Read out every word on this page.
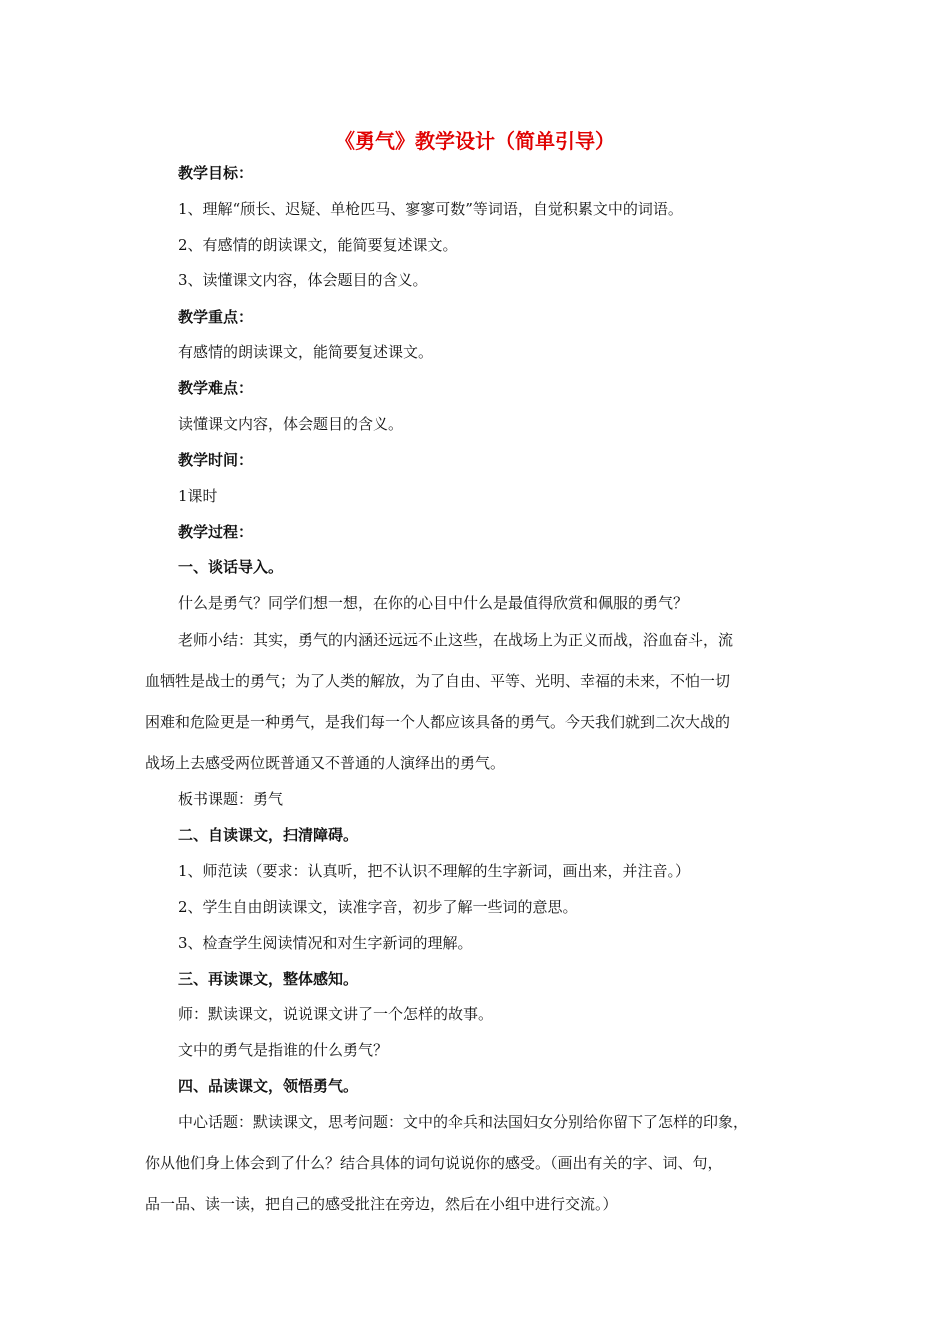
《勇气》教学设计（简单引导）
教学目标：
1、理解“颀长、迟疑、单枪匹马、寥寥可数”等词语，自觉积累文中的词语。
2、有感情的朗读课文，能简要复述课文。
3、读懂课文内容，体会题目的含义。
教学重点：
有感情的朗读课文，能简要复述课文。
教学难点：
读懂课文内容，体会题目的含义。
教学时间：
1课时
教学过程：
一、谈话导入。
什么是勇气？同学们想一想，在你的心目中什么是最值得欣赏和佩服的勇气？
老师小结：其实，勇气的内涵还远远不止这些，在战场上为正义而战，浴血奋斗，流
血牺牲是战士的勇气；为了人类的解放，为了自由、平等、光明、幸福的未来，不怕一切
困难和危险更是一种勇气，是我们每一个人都应该具备的勇气。今天我们就到二次大战的
战场上去感受两位既普通又不普通的人演绎出的勇气。
板书课题：勇气
二、自读课文，扫清障碍。
1、师范读（要求：认真听，把不认识不理解的生字新词，画出来，并注音。）
2、学生自由朗读课文，读准字音，初步了解一些词的意思。
3、检查学生阅读情况和对生字新词的理解。
三、再读课文，整体感知。
师：默读课文，说说课文讲了一个怎样的故事。
文中的勇气是指谁的什么勇气？
四、品读课文，领悟勇气。
中心话题：默读课文，思考问题：文中的伞兵和法国妇女分别给你留下了怎样的印象，
你从他们身上体会到了什么？结合具体的词句说说你的感受。（画出有关的字、词、句，
品一品、读一读，把自己的感受批注在旁边，然后在小组中进行交流。）
